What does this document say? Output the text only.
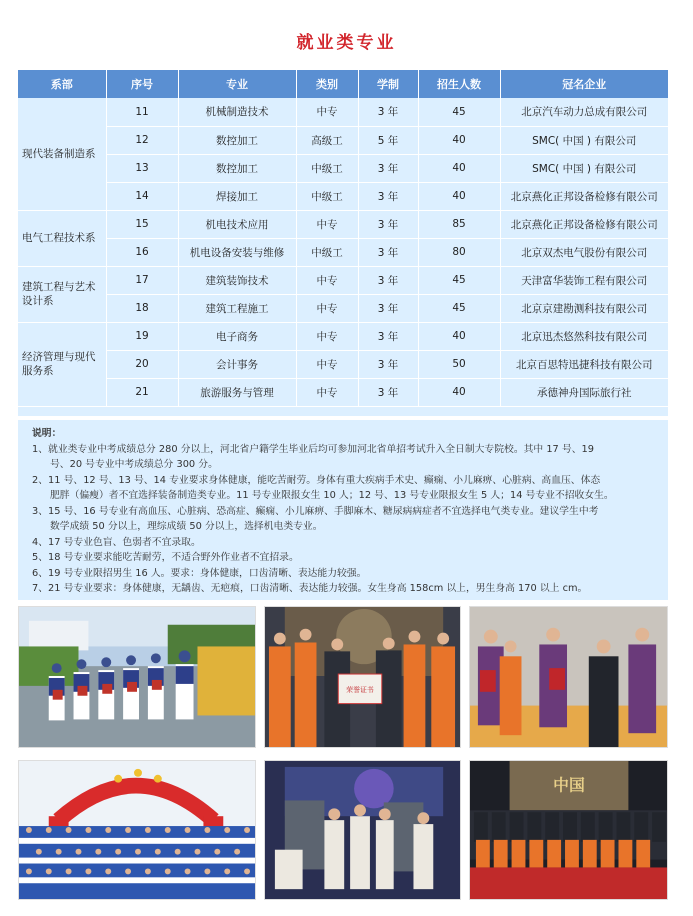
就业类专业
系部	序号	专业	类别	学制	招生人数	冠名企业

现代装备制造系	11	机械制造技术	中专	3 年	45	北京汽车动力总成有限公司
	12	数控加工	高级工	5 年	40	SMC( 中国 ) 有限公司
	13	数控加工	中级工	3 年	40	SMC( 中国 ) 有限公司
	14	焊接加工	中级工	3 年	40	北京燕化正邦设备检修有限公司

电气工程技术系	15	机电技术应用	中专	3 年	85	北京燕化正邦设备检修有限公司
	16	机电设备安装与维修	中级工	3 年	80	北京双杰电气股份有限公司

建筑工程与艺术
设计系	17	建筑装饰技术	中专	3 年	45	天津富华装饰工程有限公司
	18	建筑工程施工	中专	3 年	45	北京京建勘测科技有限公司

经济管理与现代
服务系	19	电子商务	中专	3 年	40	北京迅杰悠然科技有限公司
	20	会计事务	中专	3 年	50	北京百思特迅捷科技有限公司
	21	旅游服务与管理	中专	3 年	40	承德神舟国际旅行社
说明：

1、就业类专业中考成绩总分 280 分以上，河北省户籍学生毕业后均可参加河北省单招考试升入全日制大专院校。其中 17 号、19

号、20 号专业中考成绩总分 300 分。

2、11 号、12 号、13 号、14 专业要求身体健康，能吃苦耐劳。身体有重大疾病手术史、癫痫、小儿麻痹、心脏病、高血压、体态

肥胖（偏瘦）者不宜选择装备制造类专业。11 号专业限报女生 10 人；12 号、13 号专业限报女生 5 人；14 号专业不招收女生。

3、15 号、16 号专业有高血压、心脏病、恐高症、癫痫、小儿麻痹、手脚麻木、糖尿病病症者不宜选择电气类专业。建议学生中考

数学成绩 50 分以上，理综成绩 50 分以上，选择机电类专业。

4、17 号专业色盲、色弱者不宜录取。

5、18 号专业要求能吃苦耐劳，不适合野外作业者不宜招录。

6、19 号专业限招男生 16 人。要求：身体健康，口齿清晰、表达能力较强。

7、21 号专业要求：身体健康，无龋齿、无疤痕，口齿清晰、表达能力较强。女生身高 158cm 以上，男生身高 170 以上 cm。

荣誉证书
中国
